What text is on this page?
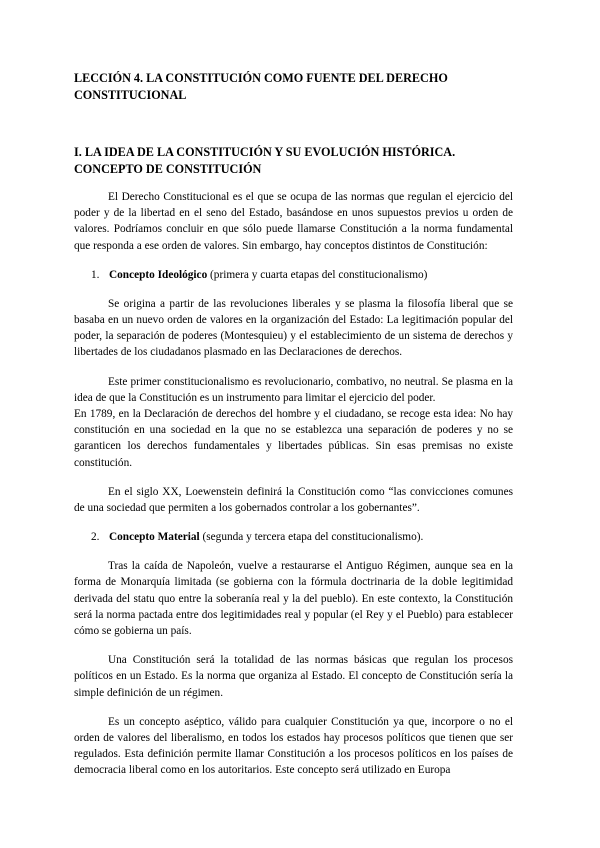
LECCIÓN 4. LA CONSTITUCIÓN COMO FUENTE DEL DERECHO CONSTITUCIONAL
I. LA IDEA DE LA CONSTITUCIÓN Y SU EVOLUCIÓN HISTÓRICA. CONCEPTO DE CONSTITUCIÓN

El Derecho Constitucional es el que se ocupa de las normas que regulan el ejercicio del poder y de la libertad en el seno del Estado, basándose en unos supuestos previos u orden de valores. Podríamos concluir en que sólo puede llamarse Constitución a la norma fundamental que responda a ese orden de valores. Sin embargo, hay conceptos distintos de Constitución:

1. Concepto Ideológico (primera y cuarta etapas del constitucionalismo)

Se origina a partir de las revoluciones liberales y se plasma la filosofía liberal que se basaba en un nuevo orden de valores en la organización del Estado: La legitimación popular del poder, la separación de poderes (Montesquieu) y el establecimiento de un sistema de derechos y libertades de los ciudadanos plasmado en las Declaraciones de derechos.

Este primer constitucionalismo es revolucionario, combativo, no neutral. Se plasma en la idea de que la Constitución es un instrumento para limitar el ejercicio del poder.

En 1789, en la Declaración de derechos del hombre y el ciudadano, se recoge esta idea: No hay constitución en una sociedad en la que no se establezca una separación de poderes y no se garanticen los derechos fundamentales y libertades públicas. Sin esas premisas no existe constitución.

En el siglo XX, Loewenstein definirá la Constitución como “las convicciones comunes de una sociedad que permiten a los gobernados controlar a los gobernantes”.

2. Concepto Material (segunda y tercera etapa del constitucionalismo).

Tras la caída de Napoleón, vuelve a restaurarse el Antiguo Régimen, aunque sea en la forma de Monarquía limitada (se gobierna con la fórmula doctrinaria de la doble legitimidad derivada del statu quo entre la soberanía real y la del pueblo). En este contexto, la Constitución será la norma pactada entre dos legitimidades real y popular (el Rey y el Pueblo) para establecer cómo se gobierna un país.

Una Constitución será la totalidad de las normas básicas que regulan los procesos políticos en un Estado. Es la norma que organiza al Estado. El concepto de Constitución sería la simple definición de un régimen.

Es un concepto aséptico, válido para cualquier Constitución ya que, incorpore o no el orden de valores del liberalismo, en todos los estados hay procesos políticos que tienen que ser regulados. Esta definición permite llamar Constitución a los procesos políticos en los países de democracia liberal como en los autoritarios. Este concepto será utilizado en Europa
